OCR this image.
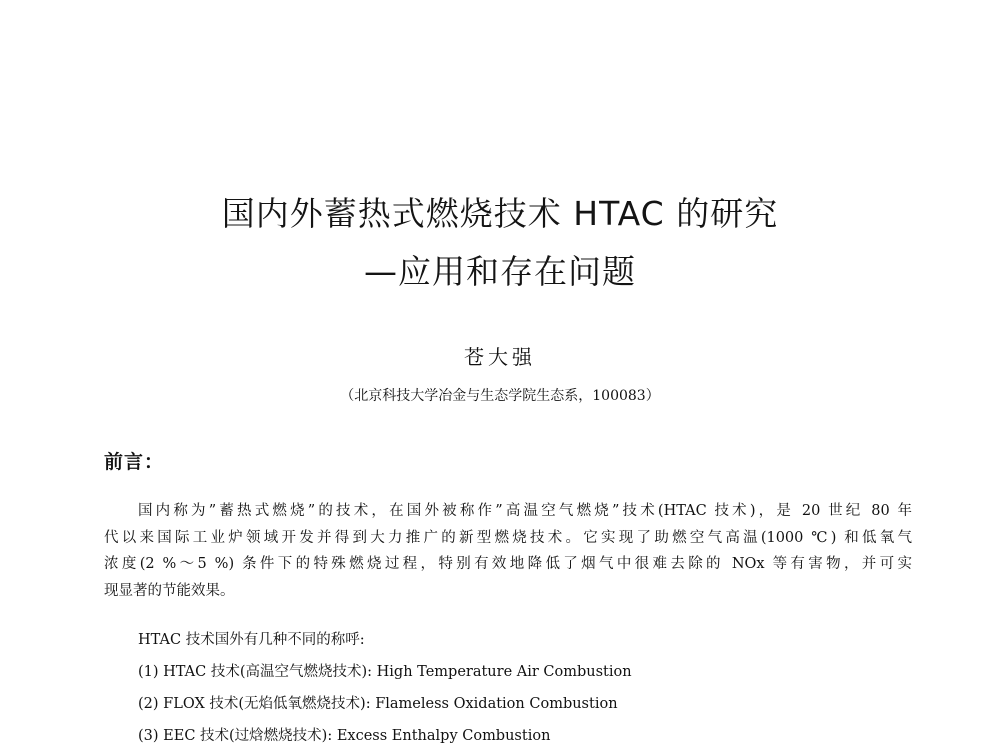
国内外蓄热式燃烧技术 HTAC 的研究
—应用和存在问题
苍大强
（北京科技大学冶金与生态学院生态系，100083）
前言：
国内称为”蓄热式燃烧”的技术，在国外被称作”高温空气燃烧”技术(HTAC 技术)，是 20 世纪 80 年
代以来国际工业炉领域开发并得到大力推广的新型燃烧技术。它实现了助燃空气高温(1000 ℃) 和低氧气
浓度(2 %～5 %) 条件下的特殊燃烧过程，特别有效地降低了烟气中很难去除的 NOx 等有害物，并可实
现显著的节能效果。
HTAC 技术国外有几种不同的称呼:
(1) HTAC 技术(高温空气燃烧技术): High Temperature Air Combustion
(2) FLOX 技术(无焰低氧燃烧技术): Flameless Oxidation Combustion
(3) EEC 技术(过焓燃烧技术): Excess Enthalpy Combustion
